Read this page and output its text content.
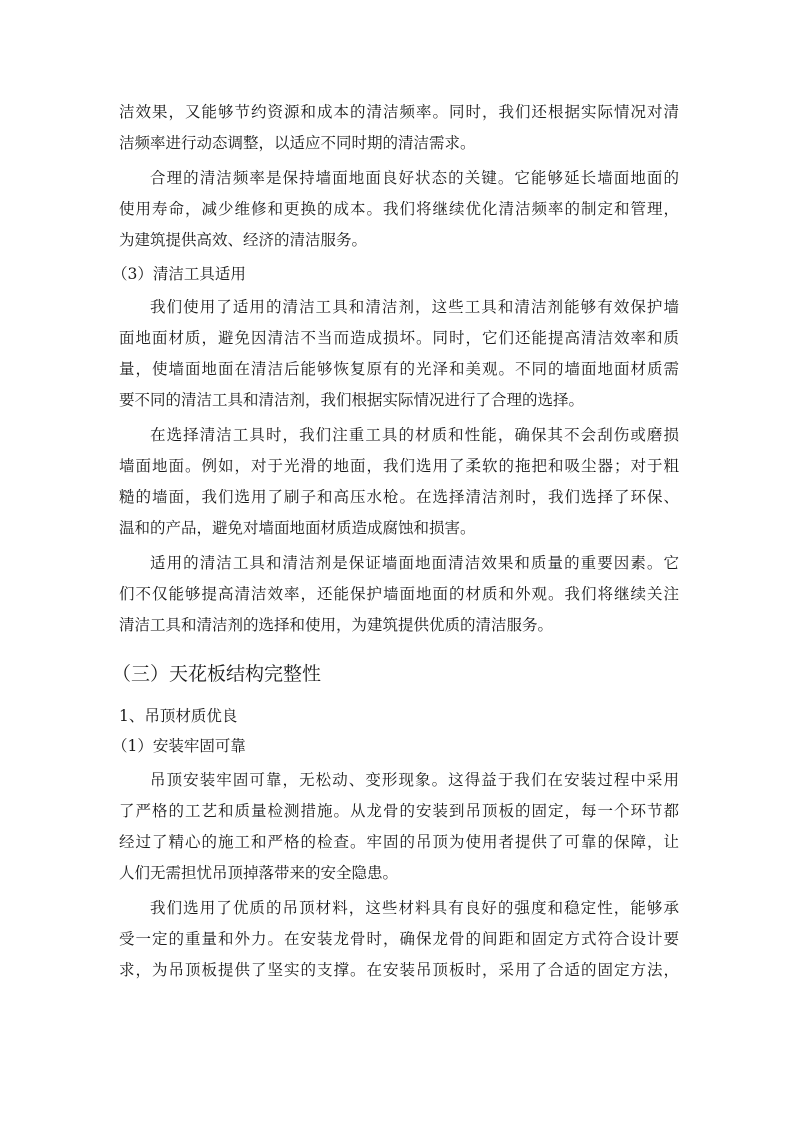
洁效果，又能够节约资源和成本的清洁频率。同时，我们还根据实际情况对清
洁频率进行动态调整，以适应不同时期的清洁需求。
合理的清洁频率是保持墙面地面良好状态的关键。它能够延长墙面地面的
使用寿命，减少维修和更换的成本。我们将继续优化清洁频率的制定和管理，
为建筑提供高效、经济的清洁服务。
（3）清洁工具适用
我们使用了适用的清洁工具和清洁剂，这些工具和清洁剂能够有效保护墙
面地面材质，避免因清洁不当而造成损坏。同时，它们还能提高清洁效率和质
量，使墙面地面在清洁后能够恢复原有的光泽和美观。不同的墙面地面材质需
要不同的清洁工具和清洁剂，我们根据实际情况进行了合理的选择。
在选择清洁工具时，我们注重工具的材质和性能，确保其不会刮伤或磨损
墙面地面。例如，对于光滑的地面，我们选用了柔软的拖把和吸尘器；对于粗
糙的墙面，我们选用了刷子和高压水枪。在选择清洁剂时，我们选择了环保、
温和的产品，避免对墙面地面材质造成腐蚀和损害。
适用的清洁工具和清洁剂是保证墙面地面清洁效果和质量的重要因素。它
们不仅能够提高清洁效率，还能保护墙面地面的材质和外观。我们将继续关注
清洁工具和清洁剂的选择和使用，为建筑提供优质的清洁服务。
（三）天花板结构完整性
1、吊顶材质优良
（1）安装牢固可靠
吊顶安装牢固可靠，无松动、变形现象。这得益于我们在安装过程中采用
了严格的工艺和质量检测措施。从龙骨的安装到吊顶板的固定，每一个环节都
经过了精心的施工和严格的检查。牢固的吊顶为使用者提供了可靠的保障，让
人们无需担忧吊顶掉落带来的安全隐患。
我们选用了优质的吊顶材料，这些材料具有良好的强度和稳定性，能够承
受一定的重量和外力。在安装龙骨时，确保龙骨的间距和固定方式符合设计要
求，为吊顶板提供了坚实的支撑。在安装吊顶板时，采用了合适的固定方法，
